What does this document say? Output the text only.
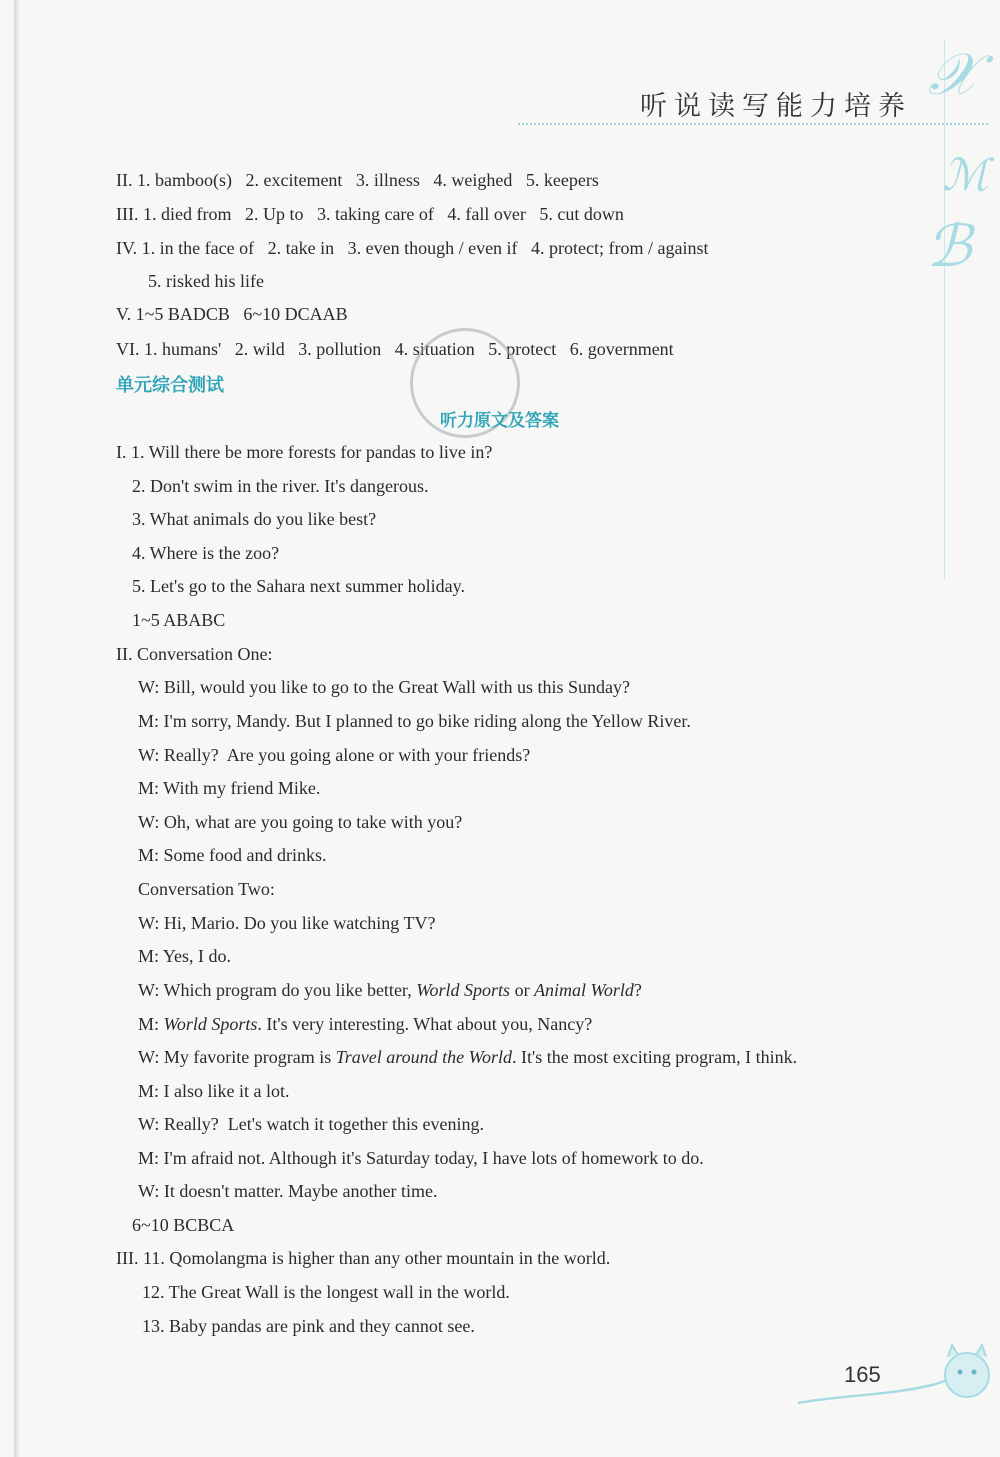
听说读写能力培养 𝒳
ℳ
ℬ
II. 1. bamboo(s)   2. excitement   3. illness   4. weighed   5. keepers
III. 1. died from   2. Up to   3. taking care of   4. fall over   5. cut down
IV. 1. in the face of   2. take in   3. even though / even if   4. protect; from / against
5. risked his life
V. 1~5 BADCB   6~10 DCAAB
VI. 1. humans'   2. wild   3. pollution   4. situation   5. protect   6. government
单元综合测试
听力原文及答案
I. 1. Will there be more forests for pandas to live in?
2. Don't swim in the river. It's dangerous.
3. What animals do you like best?
4. Where is the zoo?
5. Let's go to the Sahara next summer holiday.
1~5 ABABC
II. Conversation One:
W: Bill, would you like to go to the Great Wall with us this Sunday?
M: I'm sorry, Mandy. But I planned to go bike riding along the Yellow River.
W: Really?  Are you going alone or with your friends?
M: With my friend Mike.
W: Oh, what are you going to take with you?
M: Some food and drinks.
Conversation Two:
W: Hi, Mario. Do you like watching TV?
M: Yes, I do.
W: Which program do you like better, World Sports or Animal World?
M: World Sports. It's very interesting. What about you, Nancy?
W: My favorite program is Travel around the World. It's the most exciting program, I think.
M: I also like it a lot.
W: Really?  Let's watch it together this evening.
M: I'm afraid not. Although it's Saturday today, I have lots of homework to do.
W: It doesn't matter. Maybe another time.
6~10 BCBCA
III. 11. Qomolangma is higher than any other mountain in the world.
12. The Great Wall is the longest wall in the world.
13. Baby pandas are pink and they cannot see.
165
